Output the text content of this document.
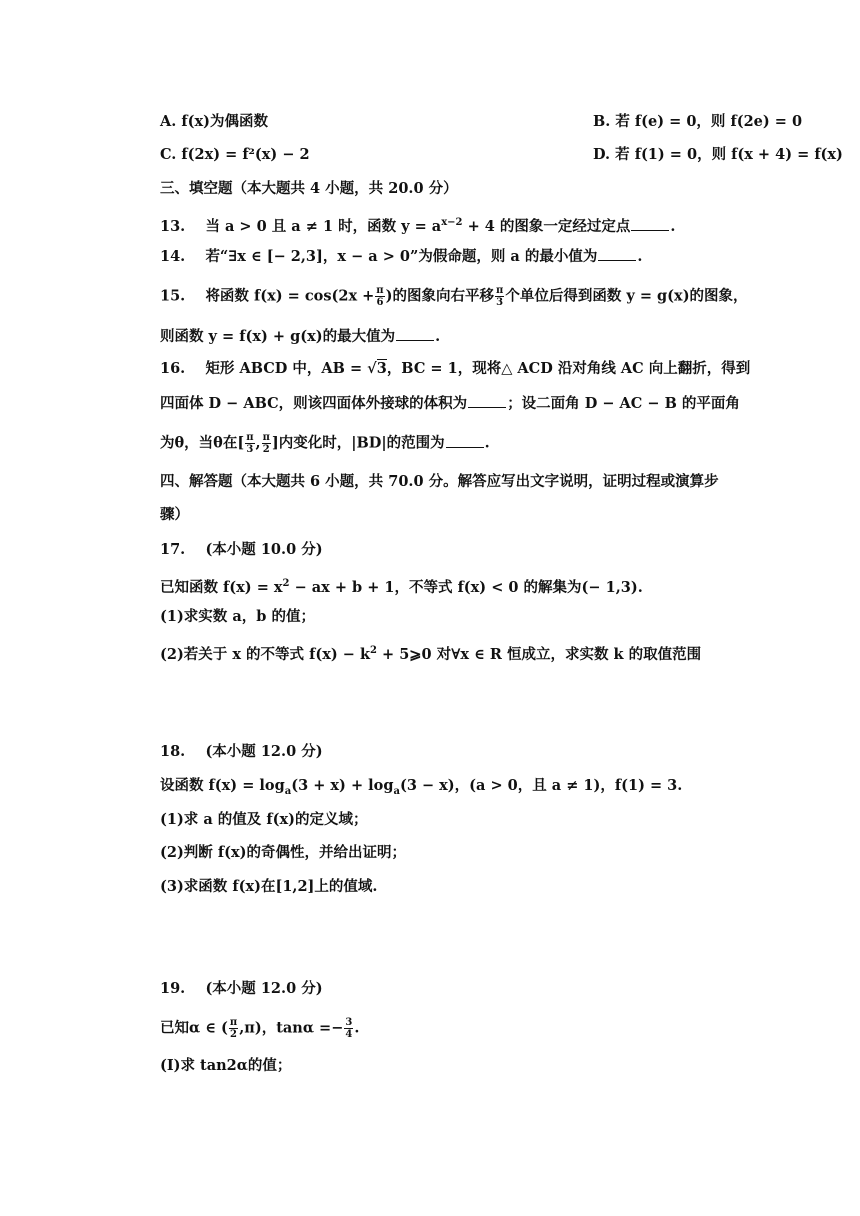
A. f(x)为偶函数	B. 若 f(e) = 0，则 f(2e) = 0
C. f(2x) = f²(x) − 2	D. 若 f(1) = 0，则 f(x + 4) = f(x)
三、填空题（本大题共 4 小题，共 20.0 分）
13. 当 a > 0 且 a ≠ 1 时，函数 $y = a^{x-2} + 4$ 的图象一定经过定点	.
14. 若“∃x ∈ [− 2,3]，x − a > 0”为假命题，则 a 的最小值为	.
15. 将函数 $f(x) = \cos(2x + \frac{\pi}{6}$ )的图象向右平移 $\frac{\pi}{3}$ 个单位后得到函数 y = g(x)的图象，
则函数 y = f(x) + g(x)的最大值为	.
16. 矩形 ABCD 中，AB = √3，BC = 1，现将△ ACD 沿对角线 AC 向上翻折，得到
四面体 D − ABC，则该四面体外接球的体积为	；设二面角 D − AC − B 的平面角
为θ，当θ在[ $\frac{\pi}{3}$ , $\frac{\pi}{2}$ ]内变化时，|BD|的范围为	.
四、解答题（本大题共 6 小题，共 70.0 分。解答应写出文字说明，证明过程或演算步
骤）
17. (本小题 10.0 分)
已知函数 $f(x) = x^2$ − ax + b + 1，不等式 f(x) < 0 的解集为(− 1,3).
(1)求实数 a，b 的值；
(2)若关于 x 的不等式 $f(x) - k^2$ + 5⩾0 对∀x ∈ R 恒成立，求实数 k 的取值范围
18. (本小题 12.0 分)
设函数 $f(x) = \log_a(3 + x) + \log_a(3 - x)$，(a > 0，且 a ≠ 1)，f(1) = 3.
(1)求 a 的值及 f(x)的定义域；
(2)判断 f(x)的奇偶性，并给出证明；
(3)求函数 f(x)在[1,2]上的值域.
19. (本小题 12.0 分)
已知α ∈ ( $\frac{\pi}{2} ,\pi$)，$\tan\alpha =- \frac{3}{4}$ .
(Ⅰ)求 tan2α的值；
